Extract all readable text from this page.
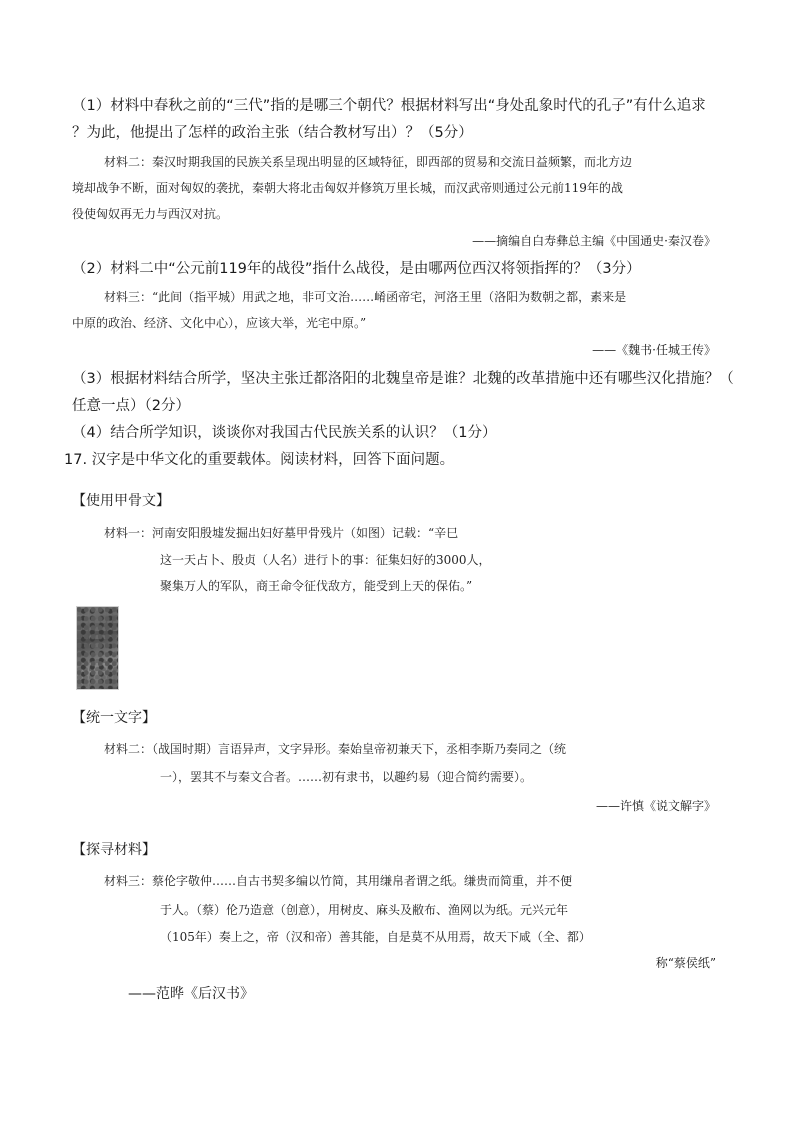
（1）材料中春秋之前的“三代”指的是哪三个朝代？根据材料写出“身处乱象时代的孔子”有什么追求
？为此，他提出了怎样的政治主张（结合教材写出）？（5分）
材料二：秦汉时期我国的民族关系呈现出明显的区域特征，即西部的贸易和交流日益频繁，而北方边
境却战争不断，面对匈奴的袭扰，秦朝大将北击匈奴并修筑万里长城，而汉武帝则通过公元前119年的战
役使匈奴再无力与西汉对抗。
——摘编自白寿彝总主编《中国通史·秦汉卷》
（2）材料二中“公元前119年的战役”指什么战役，是由哪两位西汉将领指挥的？（3分）
材料三：“此间（指平城）用武之地，非可文治……崤函帝宅，河洛王里（洛阳为数朝之都，素来是
中原的政治、经济、文化中心），应该大举，光宅中原。”
——《魏书·任城王传》
（3）根据材料结合所学，坚决主张迁都洛阳的北魏皇帝是谁？北魏的改革措施中还有哪些汉化措施？（
任意一点）（2分）
（4）结合所学知识，谈谈你对我国古代民族关系的认识？（1分）
17. 汉字是中华文化的重要载体。阅读材料，回答下面问题。
【使用甲骨文】
材料一：河南安阳殷墟发掘出妇好墓甲骨残片（如图）记载：“辛巳
这一天占卜、殷贞（人名）进行卜的事：征集妇好的3000人，
聚集万人的军队，商王命令征伐敌方，能受到上天的保佑。”
【统一文字】
材料二：（战国时期）言语异声，文字异形。秦始皇帝初兼天下，丞相李斯乃奏同之（统
一），罢其不与秦文合者。……初有隶书，以趣约易（迎合简约需要）。
——许慎《说文解字》
【探寻材料】
材料三：蔡伦字敬仲……自古书契多编以竹简，其用缣帛者谓之纸。缣贵而简重，并不便
于人。（蔡）伦乃造意（创意），用树皮、麻头及敝布、渔网以为纸。元兴元年
（105年）奏上之，帝（汉和帝）善其能，自是莫不从用焉，故天下咸（全、都）
称“蔡侯纸”
——范晔《后汉书》
